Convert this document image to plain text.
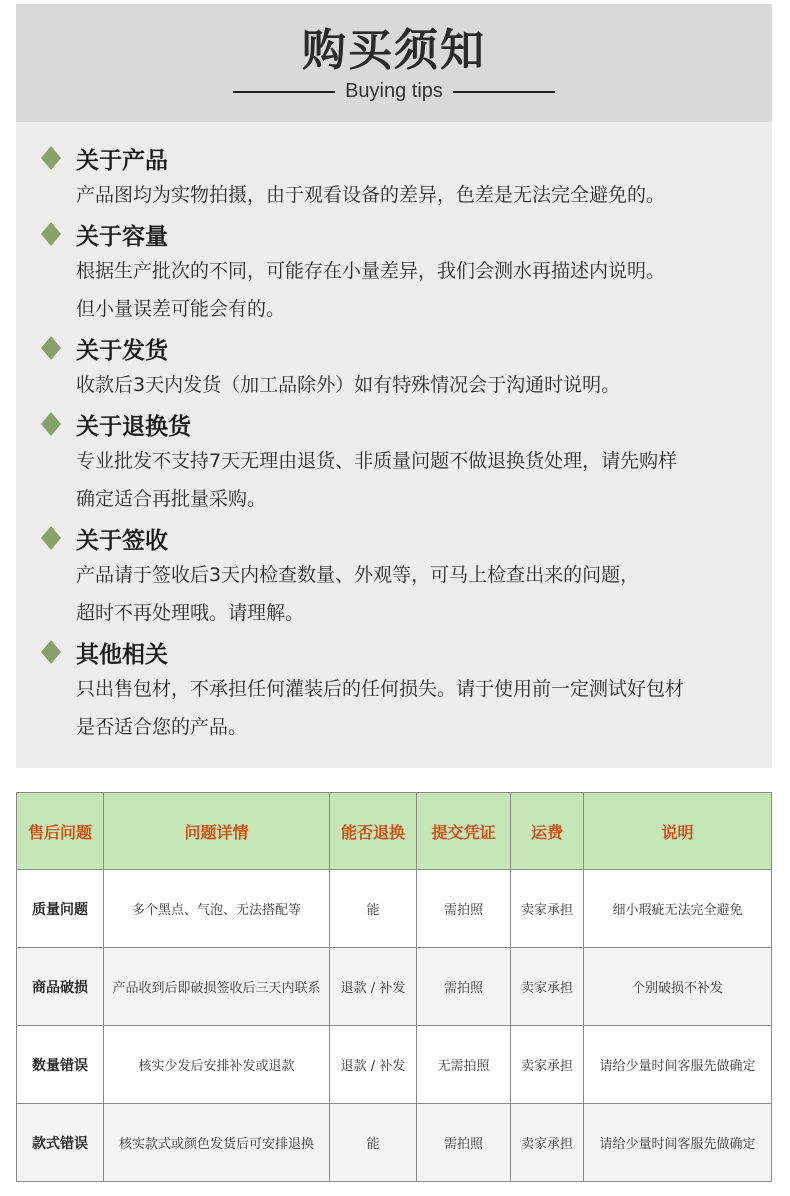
购买须知
Buying tips
关于产品
产品图均为实物拍摄，由于观看设备的差异，色差是无法完全避免的。
关于容量
根据生产批次的不同，可能存在小量差异，我们会测水再描述内说明。
但小量误差可能会有的。
关于发货
收款后3天内发货（加工品除外）如有特殊情况会于沟通时说明。
关于退换货
专业批发不支持7天无理由退货、非质量问题不做退换货处理，请先购样
确定适合再批量采购。
关于签收
产品请于签收后3天内检查数量、外观等，可马上检查出来的问题，
超时不再处理哦。请理解。
其他相关
只出售包材，不承担任何灌装后的任何损失。请于使用前一定测试好包材
是否适合您的产品。
售后问题	问题详情	能否退换	提交凭证	运费	说明
质量问题	多个黑点、气泡、无法搭配等	能	需拍照	卖家承担	细小瑕疵无法完全避免
商品破损	产品收到后即破损签收后三天内联系	退款 / 补发	需拍照	卖家承担	个别破损不补发
数量错误	核实少发后安排补发或退款	退款 / 补发	无需拍照	卖家承担	请给少量时间客服先做确定
款式错误	核实款式或颜色发货后可安排退换	能	需拍照	卖家承担	请给少量时间客服先做确定
